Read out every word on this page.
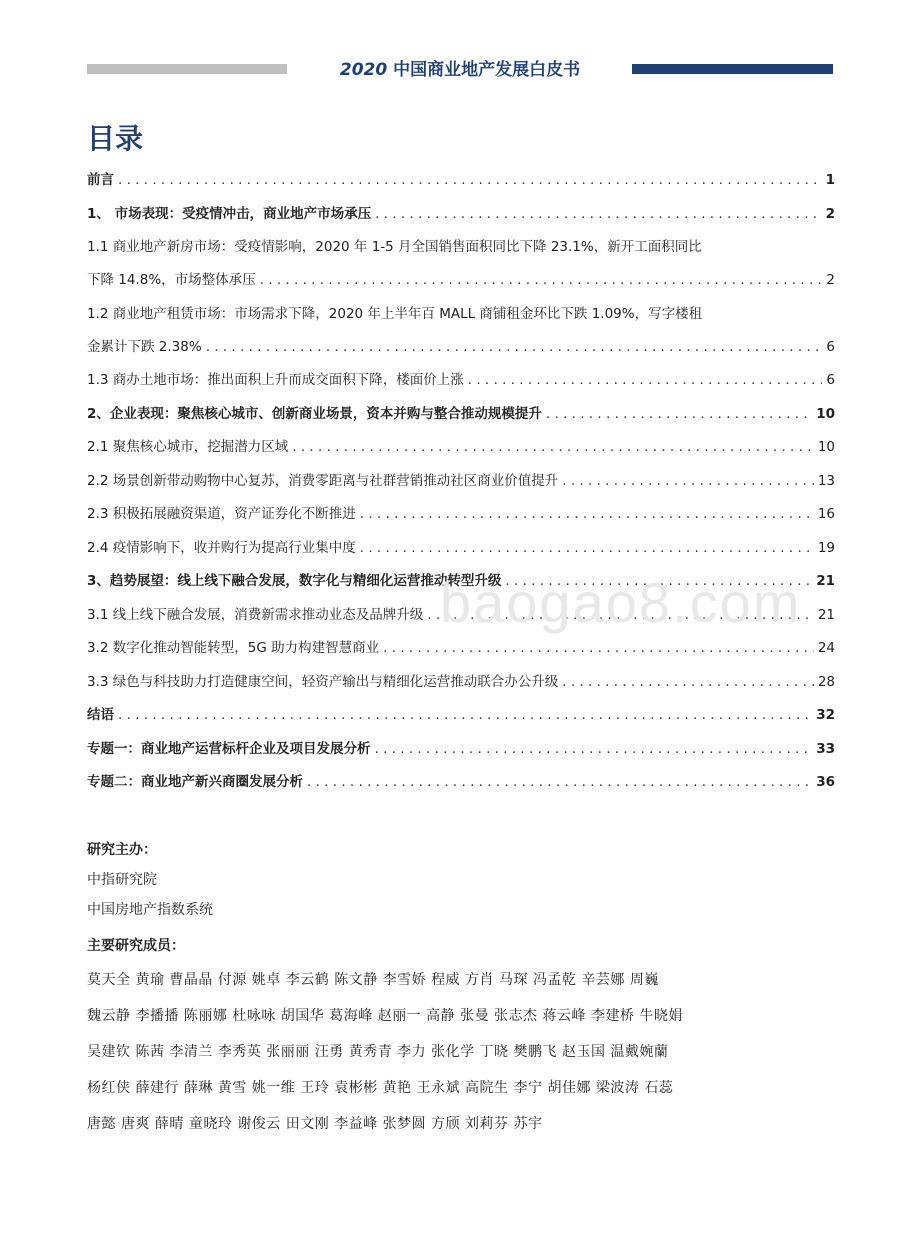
2020 中国商业地产发展白皮书
目录
前言 . . .	1
1、 市场表现：受疫情冲击，商业地产市场承压 . . .	2
1.1 商业地产新房市场：受疫情影响，2020 年 1-5 月全国销售面积同比下降 23.1%，新开工面积同比
下降 14.8%，市场整体承压 . . .	2
1.2 商业地产租赁市场：市场需求下降，2020 年上半年百 MALL 商铺租金环比下跌 1.09%，写字楼租
金累计下跌 2.38% . . .	6
1.3 商办土地市场：推出面积上升而成交面积下降，楼面价上涨 . . .	6
2、企业表现：聚焦核心城市、创新商业场景，资本并购与整合推动规模提升 . . .	10
2.1 聚焦核心城市，挖掘潜力区域 . . .	10
2.2 场景创新带动购物中心复苏，消费零距离与社群营销推动社区商业价值提升 . . .	13
2.3 积极拓展融资渠道，资产证券化不断推进 . . .	16
2.4 疫情影响下，收并购行为提高行业集中度 . . .	19
3、趋势展望：线上线下融合发展，数字化与精细化运营推动转型升级 . . .	21
3.1 线上线下融合发展，消费新需求推动业态及品牌升级 . . .	21
3.2 数字化推动智能转型，5G 助力构建智慧商业 . . .	24
3.3 绿色与科技助力打造健康空间，轻资产输出与精细化运营推动联合办公升级 . . .	28
结语 . . .	32
专题一：商业地产运营标杆企业及项目发展分析 . . .	33
专题二：商业地产新兴商圈发展分析 . . .	36
研究主办：
中指研究院
中国房地产指数系统
主要研究成员：
莫天全 黄瑜 曹晶晶 付源 姚卓 李云鹤 陈文静 李雪娇 程威 方肖 马琛 冯孟乾 辛芸娜 周巍
魏云静 李播播 陈丽娜 杜咏咏 胡国华 葛海峰 赵丽一 高静 张曼 张志杰 蒋云峰 李建桥 牛晓娟
吴建钦 陈茜 李清兰 李秀英 张丽丽 汪勇 黄秀青 李力 张化学 丁晓 樊鹏飞 赵玉国 温戴婉蘭
杨红侠 薛建行 薛琳 黄雪 姚一维 王玲 袁彬彬 黄艳 王永斌 高院生 李宁 胡佳娜 梁波涛 石蕊
唐懿 唐爽 薛晴 童晓玲 谢俊云 田文刚 李益峰 张梦圆 方颀 刘莉芬 苏宇
baogao8.com
